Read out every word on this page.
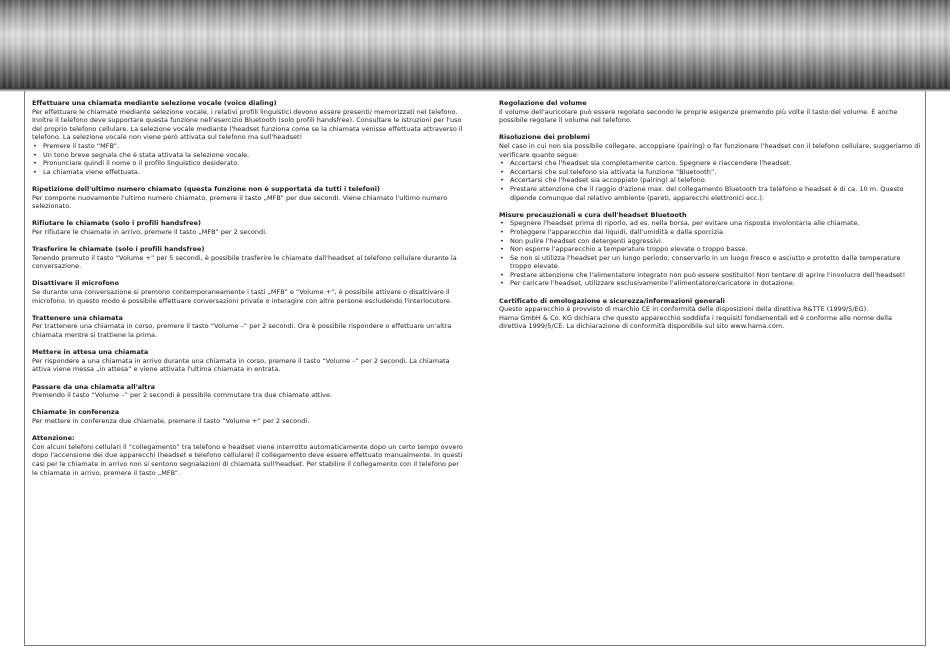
Effettuare una chiamata mediante selezione vocale (voice dialing)

Per effettuare le chiamate mediante selezione vocale, i relativi profili linguistici devono essere presenti/ memorizzati nel telefono. Inoltre il telefono deve supportare questa funzione nell'esercizio Bluetooth (solo profili handsfree). Consultare le istruzioni per l'uso del proprio telefono cellulare. La selezione vocale mediante l'headset funziona come se la chiamata venisse effettuata attraverso il telefono. La selezione vocale non viene però attivata sul telefono ma sull'headset!

• Premere il tasto “MFB”.
• Un tono breve segnala che è stata attivata la selezione vocale.
• Pronunciare quindi il nome o il profilo linguistico desiderato.
• La chiamata viene effettuata.
Ripetizione dell'ultimo numero chiamato (questa funzione non è supportata da tutti i telefoni)

Per comporre nuovamente l'ultimo numero chiamato, premere il tasto „MFB” per due secondi. Viene chiamato l'ultimo numero selezionato.

Rifiutare le chiamate (solo i profili handsfree)

Per rifiutare le chiamate in arrivo, premere il tasto „MFB” per 2 secondi.

Trasferire le chiamate (solo i profili handsfree)

Tenendo premuto il tasto “Volume +” per 5 secondi, è possibile trasferire le chiamate dall'headset al telefono cellulare durante la conversazione.

Disattivare il microfono

Se durante una conversazione si premono contemporaneamente i tasti „MFB” e “Volume +”, è possibile attivare o disattivare il microfono. In questo modo è possibile effettuare conversazioni private o interagire con altre persone escludendo l'interlocutore.

Trattenere una chiamata

Per trattenere una chiamata in corso, premere il tasto “Volume –” per 2 secondi. Ora è possibile rispondere o effettuare un'altra chiamata mentre si trattiene la prima.

Mettere in attesa una chiamata

Per rispondere a una chiamata in arrivo durante una chiamata in corso, premere il tasto “Volume –” per 2 secondi. La chiamata attiva viene messa „in attesa” e viene attivata l'ultima chiamata in entrata.

Passare da una chiamata all'altra

Premendo il tasto “Volume –” per 2 secondi è possibile commutare tra due chiamate attive.

Chiamate in conferenza

Per mettere in conferenza due chiamate, premere il tasto “Volume +” per 2 secondi.

Attenzione:

Con alcuni telefoni cellulari il “collegamento” tra telefono e headset viene interrotto automaticamente dopo un certo tempo ovvero dopo l'accensione dei due apparecchi (headset e telefono cellulare) il collegamento deve essere effettuato manualmente. In questi casi per le chiamate in arrivo non si sentono segnalazioni di chiamata sull'headset. Per stabilire il collegamento con il telefono per le chiamate in arrivo, premere il tasto „MFB”.

Regolazione del volume

Il volume dell'auricolare può essere regolato secondo le proprie esigenze premendo più volte il tasto del volume. È anche possibile regolare il volume nel telefono.

Risoluzione dei problemi

Nel caso in cui non sia possibile collegare, accoppiare (pairing) o far funzionare l'headset con il telefono cellulare, suggeriamo di verificare quanto segue:

• Accertarsi che l'headset sia completamente carico. Spegnere e riaccendere l'headset.
• Accertarsi che sul telefono sia attivata la funzione “Bluetooth”.
• Accertarsi che l'headset sia accoppiato (pairing) al telefono.
• Prestare attenzione che il raggio d'azione max. del collegamento Bluetooth tra telefono e headset è di ca. 10 m. Questo dipende comunque dal relativo ambiente (pareti, apparecchi elettronici ecc.).
Misure precauzionali e cura dell'headset Bluetooth
• Spegnere l'headset prima di riporlo, ad es. nella borsa, per evitare una risposta involontaria alle chiamate.
• Proteggere l'apparecchio dai liquidi, dall'umidità e dalla sporcizia.
• Non pulire l'headset con detergenti aggressivi.
• Non esporre l'apparecchio a temperature troppo elevate o troppo basse.
• Se non si utilizza l'headset per un lungo periodo, conservarlo in un luogo fresco e asciutto e protetto dalle temperature troppo elevate.
• Prestare attenzione che l'alimentatore integrato non può essere sostituito! Non tentare di aprire l'involucro dell'headset!
• Per caricare l'headset, utilizzare esclusivamente l'alimentatore/caricatore in dotazione.
Certificato di omologazione e sicurezza/informazioni generali

Questo apparecchio è provvisto di marchio CE in conformità delle disposizioni della direttiva R&TTE (1999/5/EG).

Hama GmbH & Co. KG dichiara che questo apparecchio soddisfa i requisiti fondamentali ed è conforme alle norme della direttiva 1999/5/CE. La dichiarazione di conformità disponibile sul sito www.hama.com.
